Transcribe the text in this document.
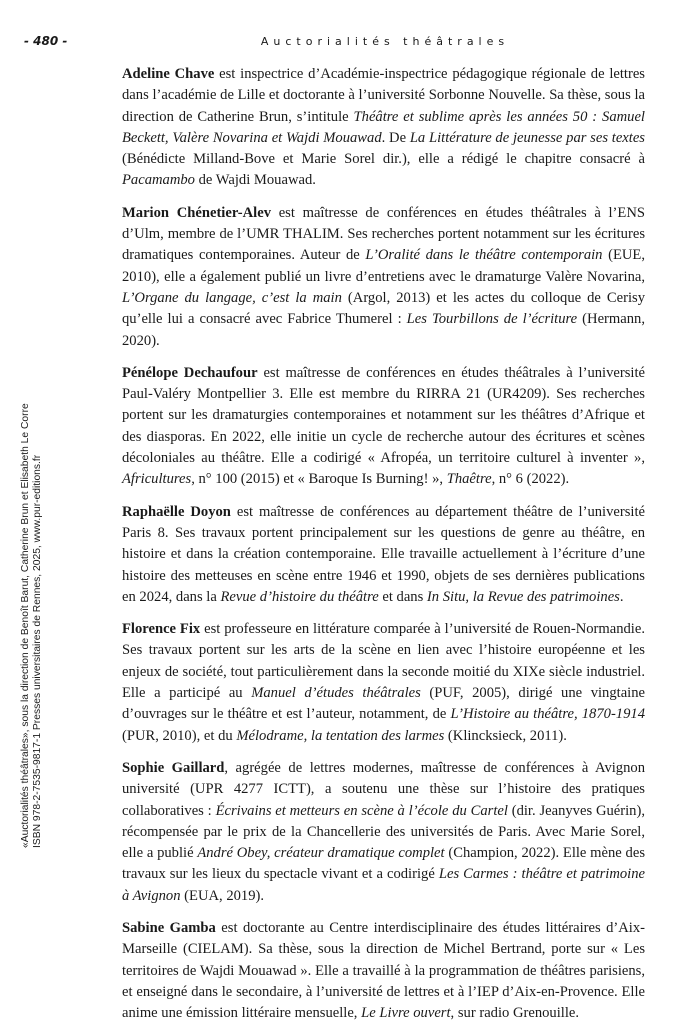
- 480 -	Auctorialités théâtrales

Adeline Chave est inspectrice d’Académie-inspectrice pédagogique régionale de lettres dans l’académie de Lille et doctorante à l’université Sorbonne Nouvelle. Sa thèse, sous la direction de Catherine Brun, s’intitule Théâtre et sublime après les années 50 : Samuel Beckett, Valère Novarina et Wajdi Mouawad. De La Littérature de jeunesse par ses textes (Bénédicte Milland-Bove et Marie Sorel dir.), elle a rédigé le chapitre consacré à Pacamambo de Wajdi Mouawad.

Marion Chénetier-Alev est maîtresse de conférences en études théâtrales à l’ENS d’Ulm, membre de l’UMR THALIM. Ses recherches portent notamment sur les écritures dramatiques contemporaines. Auteur de L’Oralité dans le théâtre contemporain (EUE, 2010), elle a également publié un livre d’entretiens avec le dramaturge Valère Novarina, L’Organe du langage, c’est la main (Argol, 2013) et les actes du colloque de Cerisy qu’elle lui a consacré avec Fabrice Thumerel : Les Tourbillons de l’écriture (Hermann, 2020).

Pénélope Dechaufour est maîtresse de conférences en études théâtrales à l’université Paul-Valéry Montpellier 3. Elle est membre du RIRRA 21 (UR4209). Ses recherches portent sur les dramaturgies contemporaines et notamment sur les théâtres d’Afrique et des diasporas. En 2022, elle initie un cycle de recherche autour des écritures et scènes décoloniales au théâtre. Elle a codirigé « Afropéa, un territoire culturel à inventer », Africultures, n° 100 (2015) et « Baroque Is Burning! », Thaêtre, n° 6 (2022).

Raphaëlle Doyon est maîtresse de conférences au département théâtre de l’université Paris 8. Ses travaux portent principalement sur les questions de genre au théâtre, en histoire et dans la création contemporaine. Elle travaille actuellement à l’écriture d’une histoire des metteuses en scène entre 1946 et 1990, objets de ses dernières publications en 2024, dans la Revue d’histoire du théâtre et dans In Situ, la Revue des patrimoines.

Florence Fix est professeure en littérature comparée à l’université de Rouen-Normandie. Ses travaux portent sur les arts de la scène en lien avec l’histoire européenne et les enjeux de société, tout particulièrement dans la seconde moitié du XIXe siècle industriel. Elle a participé au Manuel d’études théâtrales (PUF, 2005), dirigé une vingtaine d’ouvrages sur le théâtre et est l’auteur, notamment, de L’Histoire au théâtre, 1870-1914 (PUR, 2010), et du Mélodrame, la tentation des larmes (Klincksieck, 2011).

Sophie Gaillard, agrégée de lettres modernes, maîtresse de conférences à Avignon université (UPR 4277 ICTT), a soutenu une thèse sur l’histoire des pratiques collaboratives : Écrivains et metteurs en scène à l’école du Cartel (dir. Jeanyves Guérin), récompensée par le prix de la Chancellerie des universités de Paris. Avec Marie Sorel, elle a publié André Obey, créateur dramatique complet (Champion, 2022). Elle mène des travaux sur les lieux du spectacle vivant et a codirigé Les Carmes : théâtre et patrimoine à Avignon (EUA, 2019).

Sabine Gamba est doctorante au Centre interdisciplinaire des études littéraires d’Aix-Marseille (CIELAM). Sa thèse, sous la direction de Michel Bertrand, porte sur « Les territoires de Wajdi Mouawad ». Elle a travaillé à la programmation de théâtres parisiens, et enseigné dans le secondaire, à l’université de lettres et à l’IEP d’Aix-en-Provence. Elle anime une émission littéraire mensuelle, Le Livre ouvert, sur radio Grenouille.

«Auctorialités théâtrales», sous la direction de Benoît Barut, Catherine Brun et Elisabeth Le Corre ISBN 978-2-7535-9817-1 Presses universitaires de Rennes, 2025, www.pur-editions.fr
